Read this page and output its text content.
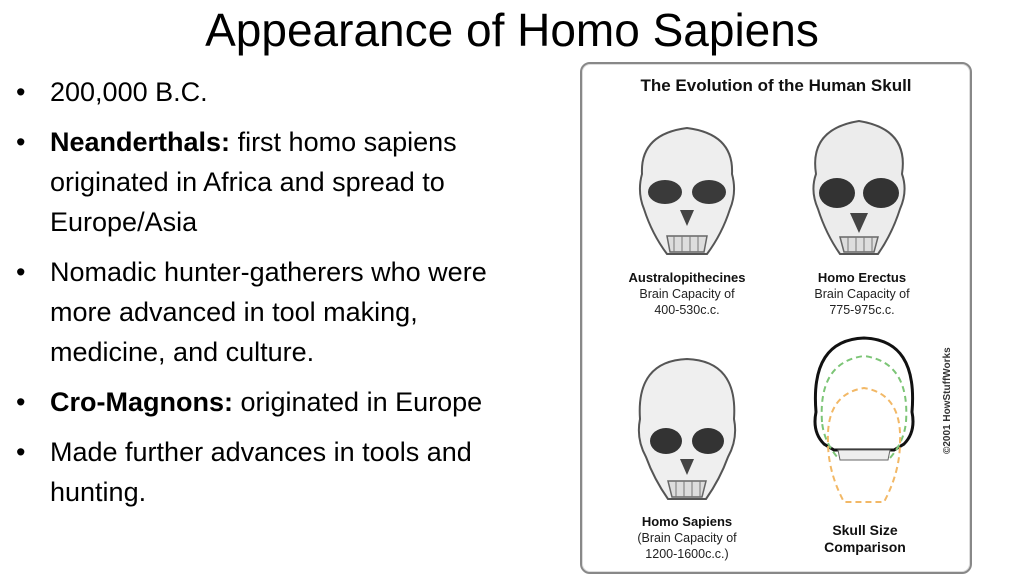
Appearance of Homo Sapiens
• 200,000 B.C.
• Neanderthals: first homo sapiens originated in Africa and spread to Europe/Asia
• Nomadic hunter-gatherers who were more advanced in tool making, medicine, and culture.
• Cro-Magnons: originated in Europe
• Made further advances in tools and hunting.
The Evolution of the Human Skull
Australopithecines
Brain Capacity of
400-530c.c.
Homo Erectus
Brain Capacity of
775-975c.c.
Homo Sapiens
(Brain Capacity of
1200-1600c.c.)
Skull Size
Comparison
©2001 HowStuffWorks
